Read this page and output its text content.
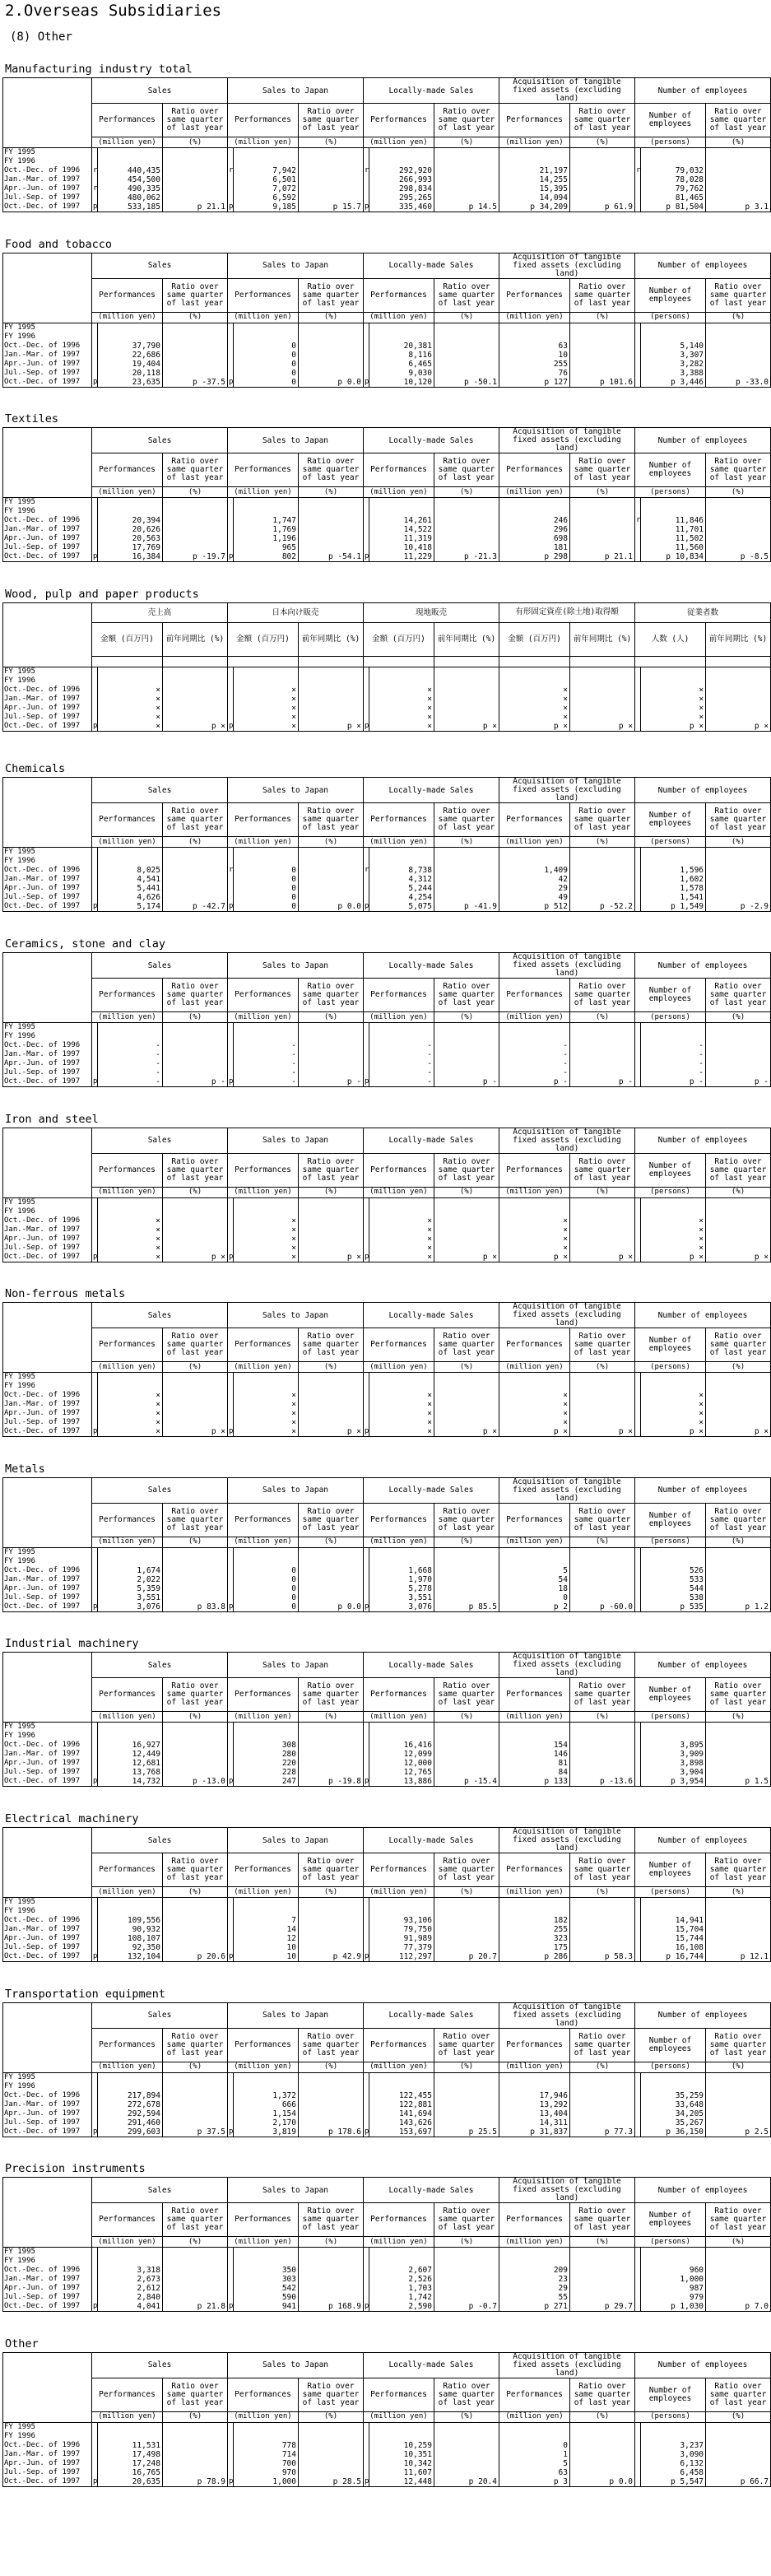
2.Overseas Subsidiaries
(8) Other
Manufacturing industry total
	Sales			Sales to Japan			Locally-made Sales			Acquisition of tangible fixed assets (excluding land)		Number of employees		
	Performances		Ratio over same quarter of last year	Performances		Ratio over same quarter of last year	Performances		Ratio over same quarter of last year	Performances	Ratio over same quarter of last year	Number of employees		Ratio over same quarter of last year
	(million yen)		(%)	(million yen)		(%)	(million yen)		(%)	(million yen)	(%)	(persons)		(%)
FY 1995														
FY 1996														
Oct.-Dec. of 1996	r	440,435		r	7,942		r	292,920		21,197		r	79,032	
Jan.-Mar. of 1997		454,500			6,501			266,993		14,255			78,028	
Apr.-Jun. of 1997	r	490,335			7,072			298,834		15,395			79,762	
Jul.-Sep. of 1997		480,062			6,592			295,265		14,094			81,465	
Oct.-Dec. of 1997	p	533,185	p 21.1	p	9,185	p 15.7	p	335,460	p 14.5	p 34,209	p 61.9		p 81,504	p 3.1
Food and tobacco
	Sales			Sales to Japan			Locally-made Sales			Acquisition of tangible fixed assets (excluding land)		Number of employees		
	Performances		Ratio over same quarter of last year	Performances		Ratio over same quarter of last year	Performances		Ratio over same quarter of last year	Performances	Ratio over same quarter of last year	Number of employees		Ratio over same quarter of last year
	(million yen)		(%)	(million yen)		(%)	(million yen)		(%)	(million yen)	(%)	(persons)		(%)
FY 1995														
FY 1996														
Oct.-Dec. of 1996		37,790			0			20,381		63			5,140	
Jan.-Mar. of 1997		22,686			0			8,116		10			3,307	
Apr.-Jun. of 1997		19,404			0			6,465		255			3,282	
Jul.-Sep. of 1997		20,118			0			9,030		76			3,388	
Oct.-Dec. of 1997	p	23,635	p -37.5	p	0	p 0.0	p	10,120	p -50.1	p 127	p 101.6		p 3,446	p -33.0
Textiles
	Sales			Sales to Japan			Locally-made Sales			Acquisition of tangible fixed assets (excluding land)		Number of employees		
	Performances		Ratio over same quarter of last year	Performances		Ratio over same quarter of last year	Performances		Ratio over same quarter of last year	Performances	Ratio over same quarter of last year	Number of employees		Ratio over same quarter of last year
	(million yen)		(%)	(million yen)		(%)	(million yen)		(%)	(million yen)	(%)	(persons)		(%)
FY 1995														
FY 1996														
Oct.-Dec. of 1996		20,394			1,747			14,261		246		r	11,846	
Jan.-Mar. of 1997		20,626			1,769			14,522		296			11,701	
Apr.-Jun. of 1997		20,563			1,196			11,319		698			11,502	
Jul.-Sep. of 1997		17,769			965			10,418		181			11,560	
Oct.-Dec. of 1997	p	16,384	p -19.7	p	802	p -54.1	p	11,229	p -21.3	p 298	p 21.1		p 10,834	p -8.5
Wood, pulp and paper products
	売上高			日本向け販売			現地販売			有形固定資産(除土地)取得額		従業者数		
	金額 (百万円)		前年同期比 (%)	金額 (百万円)		前年同期比 (%)	金額 (百万円)		前年同期比 (%)	金額 (百万円)	前年同期比 (%)	人数 (人)		前年同期比 (%)

FY 1995														
FY 1996														
Oct.-Dec. of 1996		×			×			×		×			×	
Jan.-Mar. of 1997		×			×			×		×			×	
Apr.-Jun. of 1997		×			×			×		×			×	
Jul.-Sep. of 1997		×			×			×		×			×	
Oct.-Dec. of 1997	p	×	p ×	p	×	p ×	p	×	p ×	p ×	p ×		p ×	p ×
Chemicals
	Sales			Sales to Japan			Locally-made Sales			Acquisition of tangible fixed assets (excluding land)		Number of employees		
	Performances		Ratio over same quarter of last year	Performances		Ratio over same quarter of last year	Performances		Ratio over same quarter of last year	Performances	Ratio over same quarter of last year	Number of employees		Ratio over same quarter of last year
	(million yen)		(%)	(million yen)		(%)	(million yen)		(%)	(million yen)	(%)	(persons)		(%)
FY 1995														
FY 1996														
Oct.-Dec. of 1996		8,025		r	0		r	8,738		1,409			1,596	
Jan.-Mar. of 1997		4,541			0			4,312		42			1,602	
Apr.-Jun. of 1997		5,441			0			5,244		29			1,578	
Jul.-Sep. of 1997		4,626			0			4,254		49			1,541	
Oct.-Dec. of 1997	p	5,174	p -42.7	p	0	p 0.0	p	5,075	p -41.9	p 512	p -52.2		p 1,549	p -2.9
Ceramics, stone and clay
	Sales			Sales to Japan			Locally-made Sales			Acquisition of tangible fixed assets (excluding land)		Number of employees		
	Performances		Ratio over same quarter of last year	Performances		Ratio over same quarter of last year	Performances		Ratio over same quarter of last year	Performances	Ratio over same quarter of last year	Number of employees		Ratio over same quarter of last year
	(million yen)		(%)	(million yen)		(%)	(million yen)		(%)	(million yen)	(%)	(persons)		(%)
FY 1995														
FY 1996														
Oct.-Dec. of 1996		-			-			-		-			-	
Jan.-Mar. of 1997		-			-			-		-			-	
Apr.-Jun. of 1997		-			-			-		-			-	
Jul.-Sep. of 1997		-			-			-		-			-	
Oct.-Dec. of 1997	p	-	p -	p	-	p -	p	-	p -	p -	p -		p -	p -
Iron and steel
	Sales			Sales to Japan			Locally-made Sales			Acquisition of tangible fixed assets (excluding land)		Number of employees		
	Performances		Ratio over same quarter of last year	Performances		Ratio over same quarter of last year	Performances		Ratio over same quarter of last year	Performances	Ratio over same quarter of last year	Number of employees		Ratio over same quarter of last year
	(million yen)		(%)	(million yen)		(%)	(million yen)		(%)	(million yen)	(%)	(persons)		(%)
FY 1995														
FY 1996														
Oct.-Dec. of 1996		×			×			×		×			×	
Jan.-Mar. of 1997		×			×			×		×			×	
Apr.-Jun. of 1997		×			×			×		×			×	
Jul.-Sep. of 1997		×			×			×		×			×	
Oct.-Dec. of 1997	p	×	p ×	p	×	p ×	p	×	p ×	p ×	p ×		p ×	p ×
Non-ferrous metals
	Sales			Sales to Japan			Locally-made Sales			Acquisition of tangible fixed assets (excluding land)		Number of employees		
	Performances		Ratio over same quarter of last year	Performances		Ratio over same quarter of last year	Performances		Ratio over same quarter of last year	Performances	Ratio over same quarter of last year	Number of employees		Ratio over same quarter of last year
	(million yen)		(%)	(million yen)		(%)	(million yen)		(%)	(million yen)	(%)	(persons)		(%)
FY 1995														
FY 1996														
Oct.-Dec. of 1996		×			×			×		×			×	
Jan.-Mar. of 1997		×			×			×		×			×	
Apr.-Jun. of 1997		×			×			×		×			×	
Jul.-Sep. of 1997		×			×			×		×			×	
Oct.-Dec. of 1997	p	×	p ×	p	×	p ×	p	×	p ×	p ×	p ×		p ×	p ×
Metals
	Sales			Sales to Japan			Locally-made Sales			Acquisition of tangible fixed assets (excluding land)		Number of employees		
	Performances		Ratio over same quarter of last year	Performances		Ratio over same quarter of last year	Performances		Ratio over same quarter of last year	Performances	Ratio over same quarter of last year	Number of employees		Ratio over same quarter of last year
	(million yen)		(%)	(million yen)		(%)	(million yen)		(%)	(million yen)	(%)	(persons)		(%)
FY 1995														
FY 1996														
Oct.-Dec. of 1996		1,674			0			1,668		5			526	
Jan.-Mar. of 1997		2,022			0			1,970		54			533	
Apr.-Jun. of 1997		5,359			0			5,278		18			544	
Jul.-Sep. of 1997		3,551			0			3,551		0			538	
Oct.-Dec. of 1997	p	3,076	p 83.8	p	0	p 0.0	p	3,076	p 85.5	p 2	p -60.0		p 535	p 1.2
Industrial machinery
	Sales			Sales to Japan			Locally-made Sales			Acquisition of tangible fixed assets (excluding land)		Number of employees		
	Performances		Ratio over same quarter of last year	Performances		Ratio over same quarter of last year	Performances		Ratio over same quarter of last year	Performances	Ratio over same quarter of last year	Number of employees		Ratio over same quarter of last year
	(million yen)		(%)	(million yen)		(%)	(million yen)		(%)	(million yen)	(%)	(persons)		(%)
FY 1995														
FY 1996														
Oct.-Dec. of 1996		16,927			308			16,416		154			3,895	
Jan.-Mar. of 1997		12,449			280			12,099		146			3,909	
Apr.-Jun. of 1997		12,681			220			12,000		81			3,898	
Jul.-Sep. of 1997		13,768			228			12,765		84			3,904	
Oct.-Dec. of 1997	p	14,732	p -13.0	p	247	p -19.8	p	13,886	p -15.4	p 133	p -13.6		p 3,954	p 1.5
Electrical machinery
	Sales			Sales to Japan			Locally-made Sales			Acquisition of tangible fixed assets (excluding land)		Number of employees		
	Performances		Ratio over same quarter of last year	Performances		Ratio over same quarter of last year	Performances		Ratio over same quarter of last year	Performances	Ratio over same quarter of last year	Number of employees		Ratio over same quarter of last year
	(million yen)		(%)	(million yen)		(%)	(million yen)		(%)	(million yen)	(%)	(persons)		(%)
FY 1995														
FY 1996														
Oct.-Dec. of 1996		109,556			7			93,106		182			14,941	
Jan.-Mar. of 1997		90,932			14			79,750		255			15,704	
Apr.-Jun. of 1997		108,107			12			91,989		323			15,744	
Jul.-Sep. of 1997		92,350			10			77,379		175			16,108	
Oct.-Dec. of 1997	p	132,104	p 20.6	p	10	p 42.9	p	112,297	p 20.7	p 286	p 58.3		p 16,744	p 12.1
Transportation equipment
	Sales			Sales to Japan			Locally-made Sales			Acquisition of tangible fixed assets (excluding land)		Number of employees		
	Performances		Ratio over same quarter of last year	Performances		Ratio over same quarter of last year	Performances		Ratio over same quarter of last year	Performances	Ratio over same quarter of last year	Number of employees		Ratio over same quarter of last year
	(million yen)		(%)	(million yen)		(%)	(million yen)		(%)	(million yen)	(%)	(persons)		(%)
FY 1995														
FY 1996														
Oct.-Dec. of 1996		217,894			1,372			122,455		17,946			35,259	
Jan.-Mar. of 1997		272,678			666			122,881		13,292			33,648	
Apr.-Jun. of 1997		292,594			1,154			141,694		13,404			34,205	
Jul.-Sep. of 1997		291,460			2,170			143,626		14,311			35,267	
Oct.-Dec. of 1997	p	299,603	p 37.5	p	3,819	p 178.6	p	153,697	p 25.5	p 31,837	p 77.3		p 36,150	p 2.5
Precision instruments
	Sales			Sales to Japan			Locally-made Sales			Acquisition of tangible fixed assets (excluding land)		Number of employees		
	Performances		Ratio over same quarter of last year	Performances		Ratio over same quarter of last year	Performances		Ratio over same quarter of last year	Performances	Ratio over same quarter of last year	Number of employees		Ratio over same quarter of last year
	(million yen)		(%)	(million yen)		(%)	(million yen)		(%)	(million yen)	(%)	(persons)		(%)
FY 1995														
FY 1996														
Oct.-Dec. of 1996		3,318			350			2,607		209			960	
Jan.-Mar. of 1997		2,673			303			2,526		23			1,000	
Apr.-Jun. of 1997		2,612			542			1,703		29			987	
Jul.-Sep. of 1997		2,840			590			1,742		55			979	
Oct.-Dec. of 1997	p	4,041	p 21.8	p	941	p 168.9	p	2,590	p -0.7	p 271	p 29.7		p 1,030	p 7.0
Other
	Sales			Sales to Japan			Locally-made Sales			Acquisition of tangible fixed assets (excluding land)		Number of employees		
	Performances		Ratio over same quarter of last year	Performances		Ratio over same quarter of last year	Performances		Ratio over same quarter of last year	Performances	Ratio over same quarter of last year	Number of employees		Ratio over same quarter of last year
	(million yen)		(%)	(million yen)		(%)	(million yen)		(%)	(million yen)	(%)	(persons)		(%)
FY 1995														
FY 1996														
Oct.-Dec. of 1996		11,531			778			10,259		0			3,237	
Jan.-Mar. of 1997		17,498			714			10,351		1			3,090	
Apr.-Jun. of 1997		17,248			700			10,342		5			6,132	
Jul.-Sep. of 1997		16,765			970			11,607		63			6,458	
Oct.-Dec. of 1997	p	20,635	p 78.9	p	1,000	p 28.5	p	12,448	p 20.4	p 3	p 0.0		p 5,547	p 66.7
